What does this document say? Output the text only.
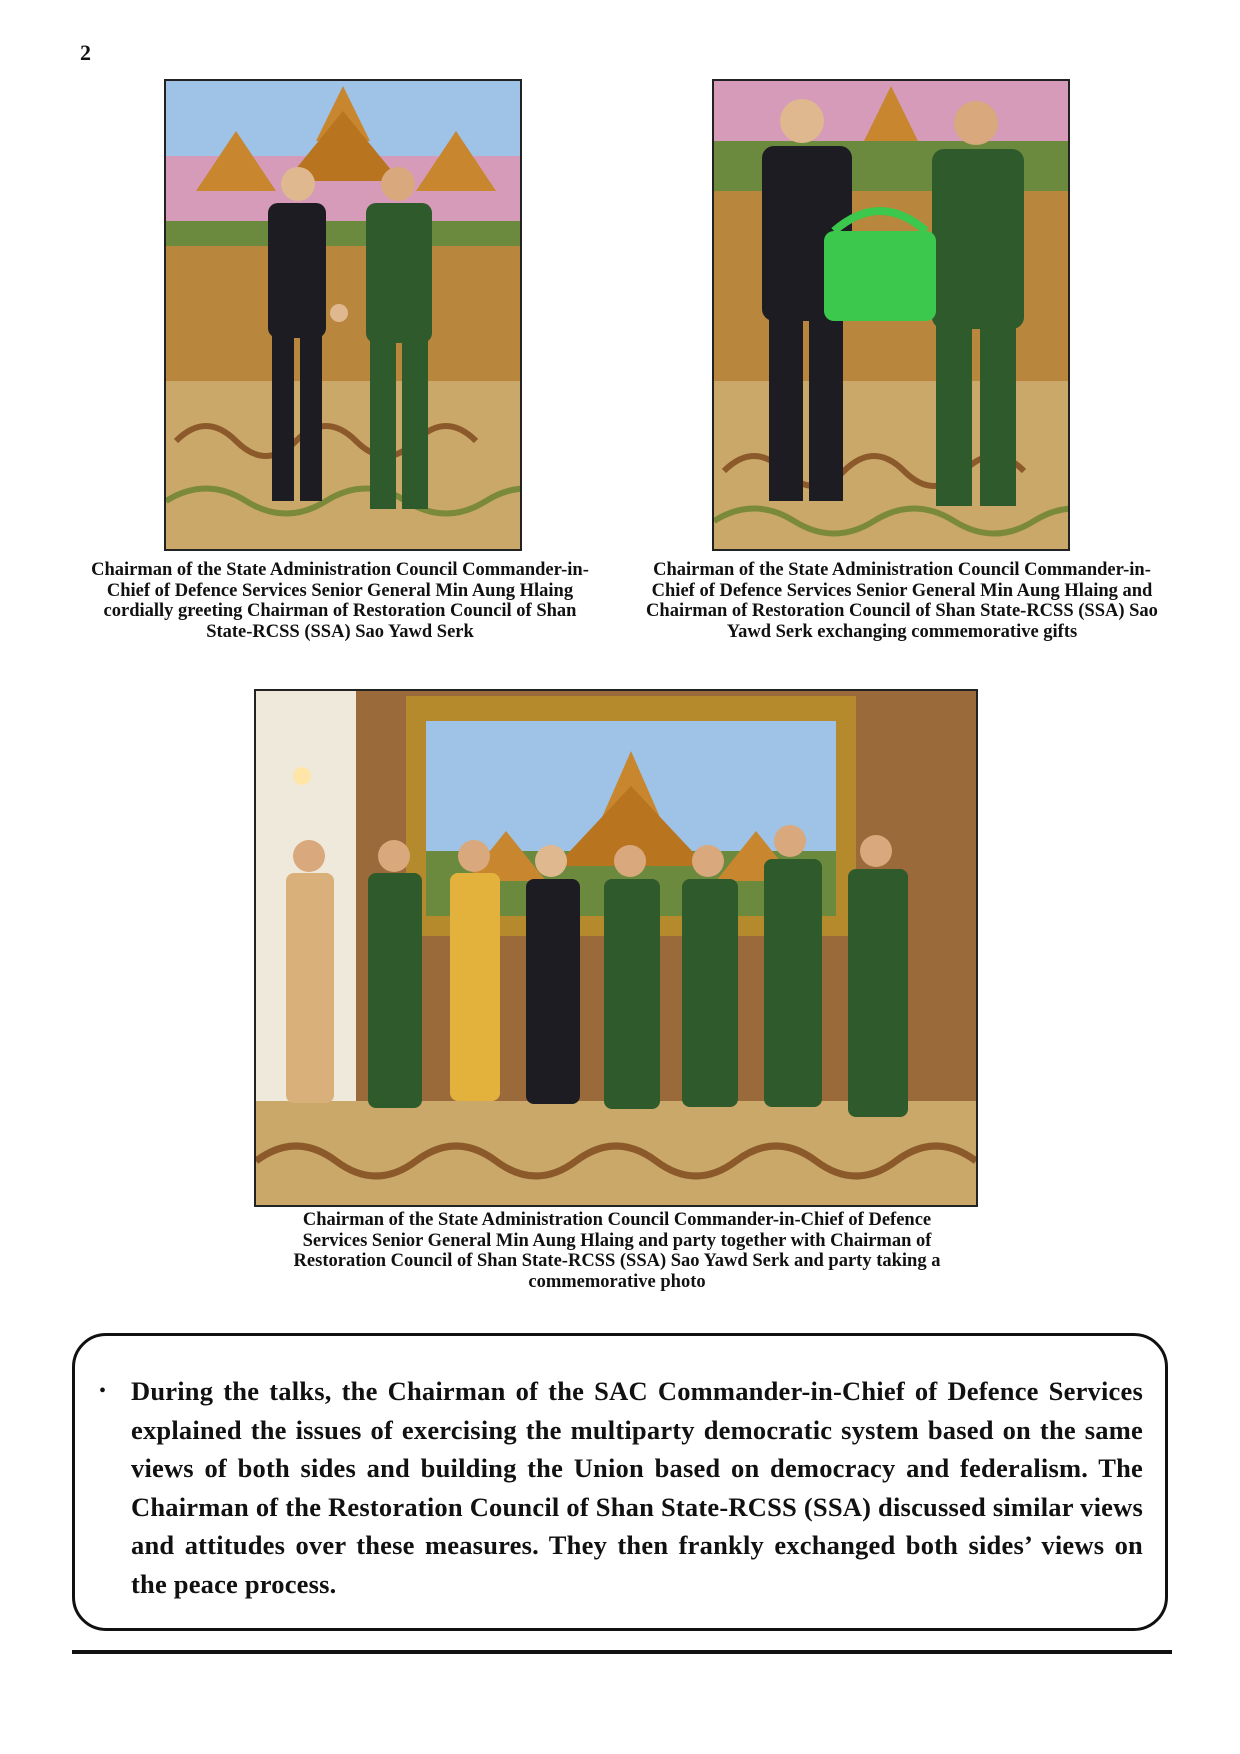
2
Chairman of the State Administration Council Commander-in-Chief of Defence Services Senior General Min Aung Hlaing cordially greeting Chairman of Restoration Council of Shan State-RCSS (SSA) Sao Yawd Serk
Chairman of the State Administration Council Commander-in-Chief of Defence Services Senior General Min Aung Hlaing and Chairman of Restoration Council of Shan State-RCSS (SSA) Sao Yawd Serk exchanging commemorative gifts
Chairman of the State Administration Council Commander-in-Chief of Defence Services Senior General Min Aung Hlaing and party together with Chairman of Restoration Council of Shan State-RCSS (SSA) Sao Yawd Serk and party taking a commemorative photo
• During the talks, the Chairman of the SAC Commander-in-Chief of Defence Services explained the issues of exercising the multiparty democratic system based on the same views of both sides and building the Union based on democracy and federalism. The Chairman of the Restoration Council of Shan State-RCSS (SSA) discussed similar views and attitudes over these measures. They then frankly exchanged both sides’ views on the peace process.
